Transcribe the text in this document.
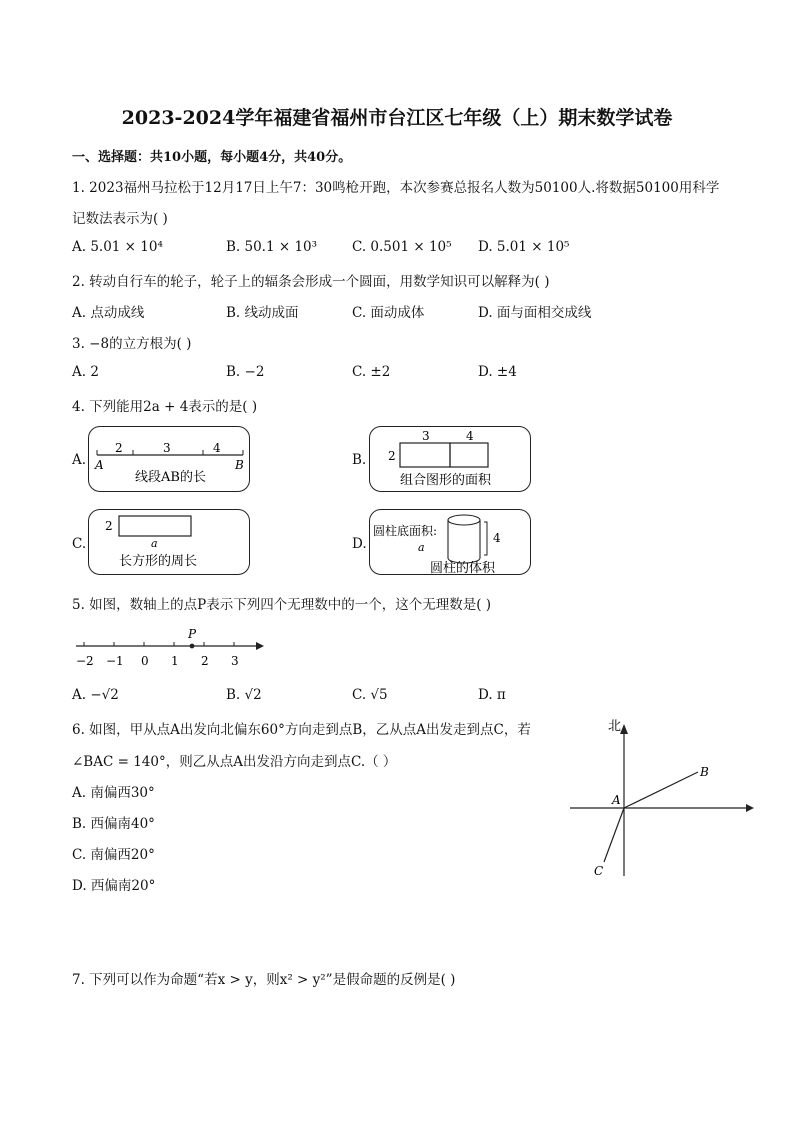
2023-2024学年福建省福州市台江区七年级（上）期末数学试卷
一、选择题：共10小题，每小题4分，共40分。
1. 2023福州马拉松于12月17日上午7：30鸣枪开跑，本次参赛总报名人数为50100人.将数据50100用科学
记数法表示为( )
A. 5.01 × 10⁴	B. 50.1 × 10³	C. 0.501 × 10⁵ D. 5.01 × 10⁵
2. 转动自行车的轮子，轮子上的辐条会形成一个圆面，用数学知识可以解释为( )
A. 点动成线	B. 线动成面	C. 面动成体	D. 面与面相交成线
3. −8的立方根为( )
A. 2	B. −2	C. ±2	D. ±4
4. 下列能用2a + 4表示的是( )
A.
2	3	4
A	B
线段AB的长
B.
3	4
2
组合图形的面积
C.
2
a
长方形的周长
D.
圆柱底面积:
a
4
圆柱的体积
5. 如图，数轴上的点P表示下列四个无理数中的一个，这个无理数是( )
−2 −1 0 1 2 3
P
A. −√2	B. √2	C. √5	D. π
6. 如图，甲从点A出发向北偏东60°方向走到点B，乙从点A出发走到点C，若
∠BAC = 140°，则乙从点A出发沿方向走到点C.（ ）
A. 南偏西30°
B. 西偏南40°
C. 南偏西20°
D. 西偏南20°
北
A
B
C
7. 下列可以作为命题“若x > y，则x² > y²”是假命题的反例是( )
